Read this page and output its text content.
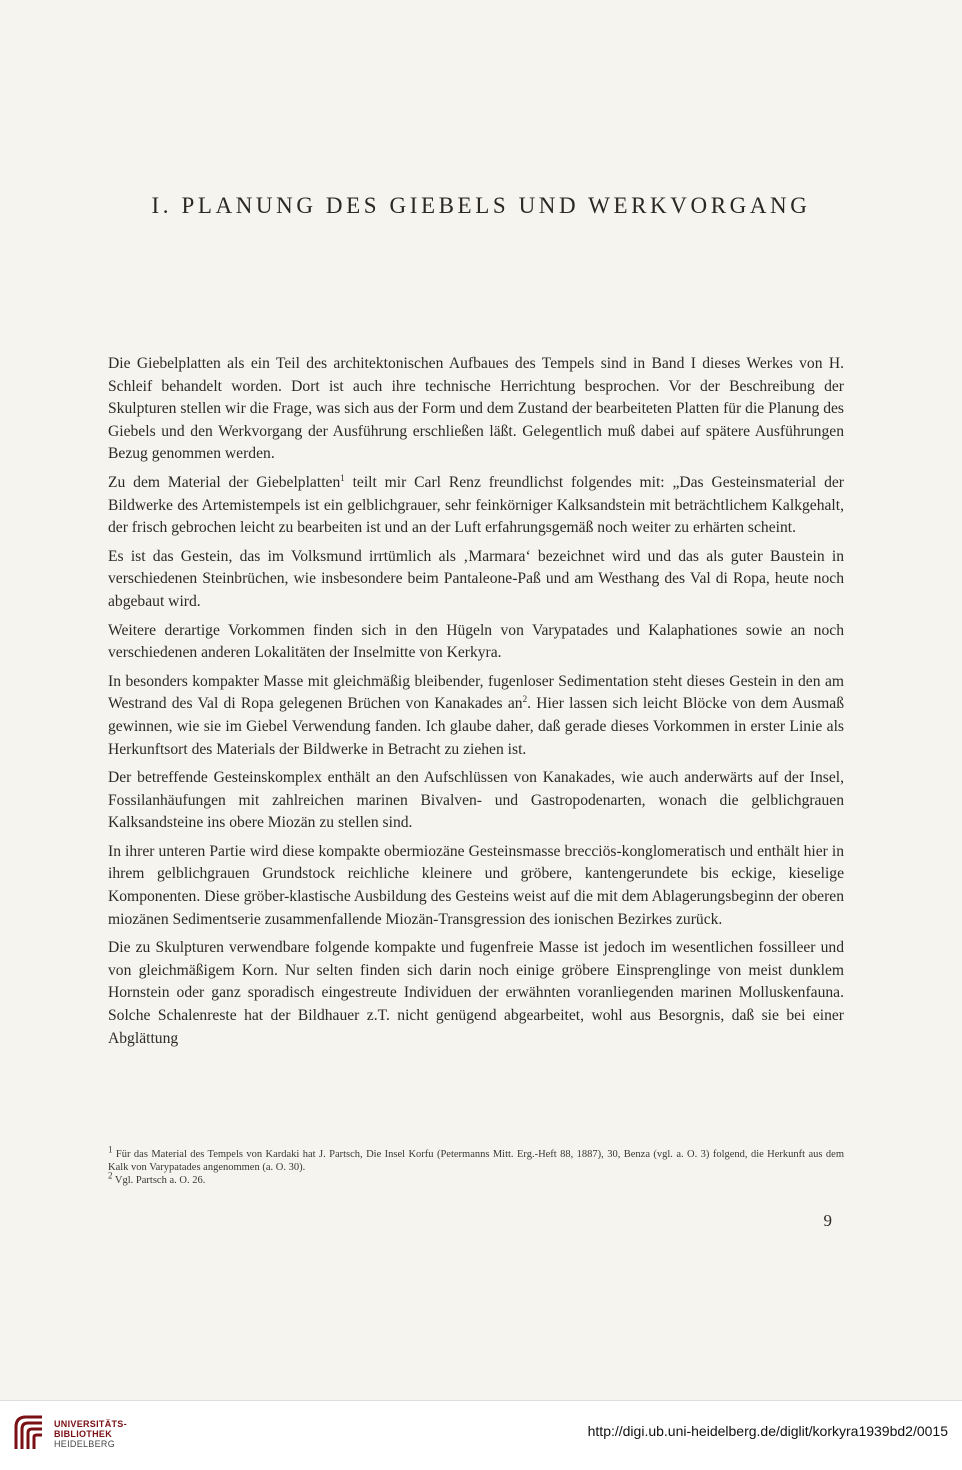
I. PLANUNG DES GIEBELS UND WERKVORGANG

Die Giebelplatten als ein Teil des architektonischen Aufbaues des Tempels sind in Band I dieses Werkes von H. Schleif behandelt worden. Dort ist auch ihre technische Herrichtung besprochen. Vor der Beschreibung der Skulpturen stellen wir die Frage, was sich aus der Form und dem Zustand der bearbeiteten Platten für die Planung des Giebels und den Werkvorgang der Ausführung erschließen läßt. Gelegentlich muß dabei auf spätere Ausführungen Bezug genommen werden.

Zu dem Material der Giebelplatten$^1$ teilt mir Carl Renz freundlichst folgendes mit: „Das Gesteinsmaterial der Bildwerke des Artemistempels ist ein gelblichgrauer, sehr feinkörniger Kalksandstein mit beträchtlichem Kalkgehalt, der frisch gebrochen leicht zu bearbeiten ist und an der Luft erfahrungsgemäß noch weiter zu erhärten scheint.

Es ist das Gestein, das im Volksmund irrtümlich als ‚Marmara‘ bezeichnet wird und das als guter Baustein in verschiedenen Steinbrüchen, wie insbesondere beim Pantaleone-Paß und am Westhang des Val di Ropa, heute noch abgebaut wird.

Weitere derartige Vorkommen finden sich in den Hügeln von Varypatades und Kalaphationes sowie an noch verschiedenen anderen Lokalitäten der Inselmitte von Kerkyra.

In besonders kompakter Masse mit gleichmäßig bleibender, fugenloser Sedimentation steht dieses Gestein in den am Westrand des Val di Ropa gelegenen Brüchen von Kanakades $an^2$. Hier lassen sich leicht Blöcke von dem Ausmaß gewinnen, wie sie im Giebel Verwendung fanden. Ich glaube daher, daß gerade dieses Vorkommen in erster Linie als Herkunftsort des Materials der Bildwerke in Betracht zu ziehen ist.

Der betreffende Gesteinskomplex enthält an den Aufschlüssen von Kanakades, wie auch anderwärts auf der Insel, Fossilanhäufungen mit zahlreichen marinen Bivalven- und Gastropodenarten, wonach die gelblichgrauen Kalksandsteine ins obere Miozän zu stellen sind.

In ihrer unteren Partie wird diese kompakte obermiozäne Gesteinsmasse brecciös-konglomeratisch und enthält hier in ihrem gelblichgrauen Grundstock reichliche kleinere und gröbere, kantengerundete bis eckige, kieselige Komponenten. Diese gröber-klastische Ausbildung des Gesteins weist auf die mit dem Ablagerungsbeginn der oberen miozänen Sedimentserie zusammenfallende Miozän-Transgression des ionischen Bezirkes zurück.

Die zu Skulpturen verwendbare folgende kompakte und fugenfreie Masse ist jedoch im wesentlichen fossilleer und von gleichmäßigem Korn. Nur selten finden sich darin noch einige gröbere Einsprenglinge von meist dunklem Hornstein oder ganz sporadisch eingestreute Individuen der erwähnten voranliegenden marinen Molluskenfauna. Solche Schalenreste hat der Bildhauer z.T. nicht genügend abgearbeitet, wohl aus Besorgnis, daß sie bei einer Abglättung

$^1$ Für das Material des Tempels von Kardaki hat J. Partsch, Die Insel Korfu (Petermanns Mitt. Erg.-Heft 88, 1887), 30, Benza (vgl. a. O. 3) folgend, die Herkunft aus dem Kalk von Varypatades angenommen (a. O. 30).

$^2$ Vgl. Partsch a. O. 26.

9
UNIVERSITÄTS-
BIBLIOTHEK
HEIDELBERG
http://digi.ub.uni-heidelberg.de/diglit/korkyra1939bd2/0015
